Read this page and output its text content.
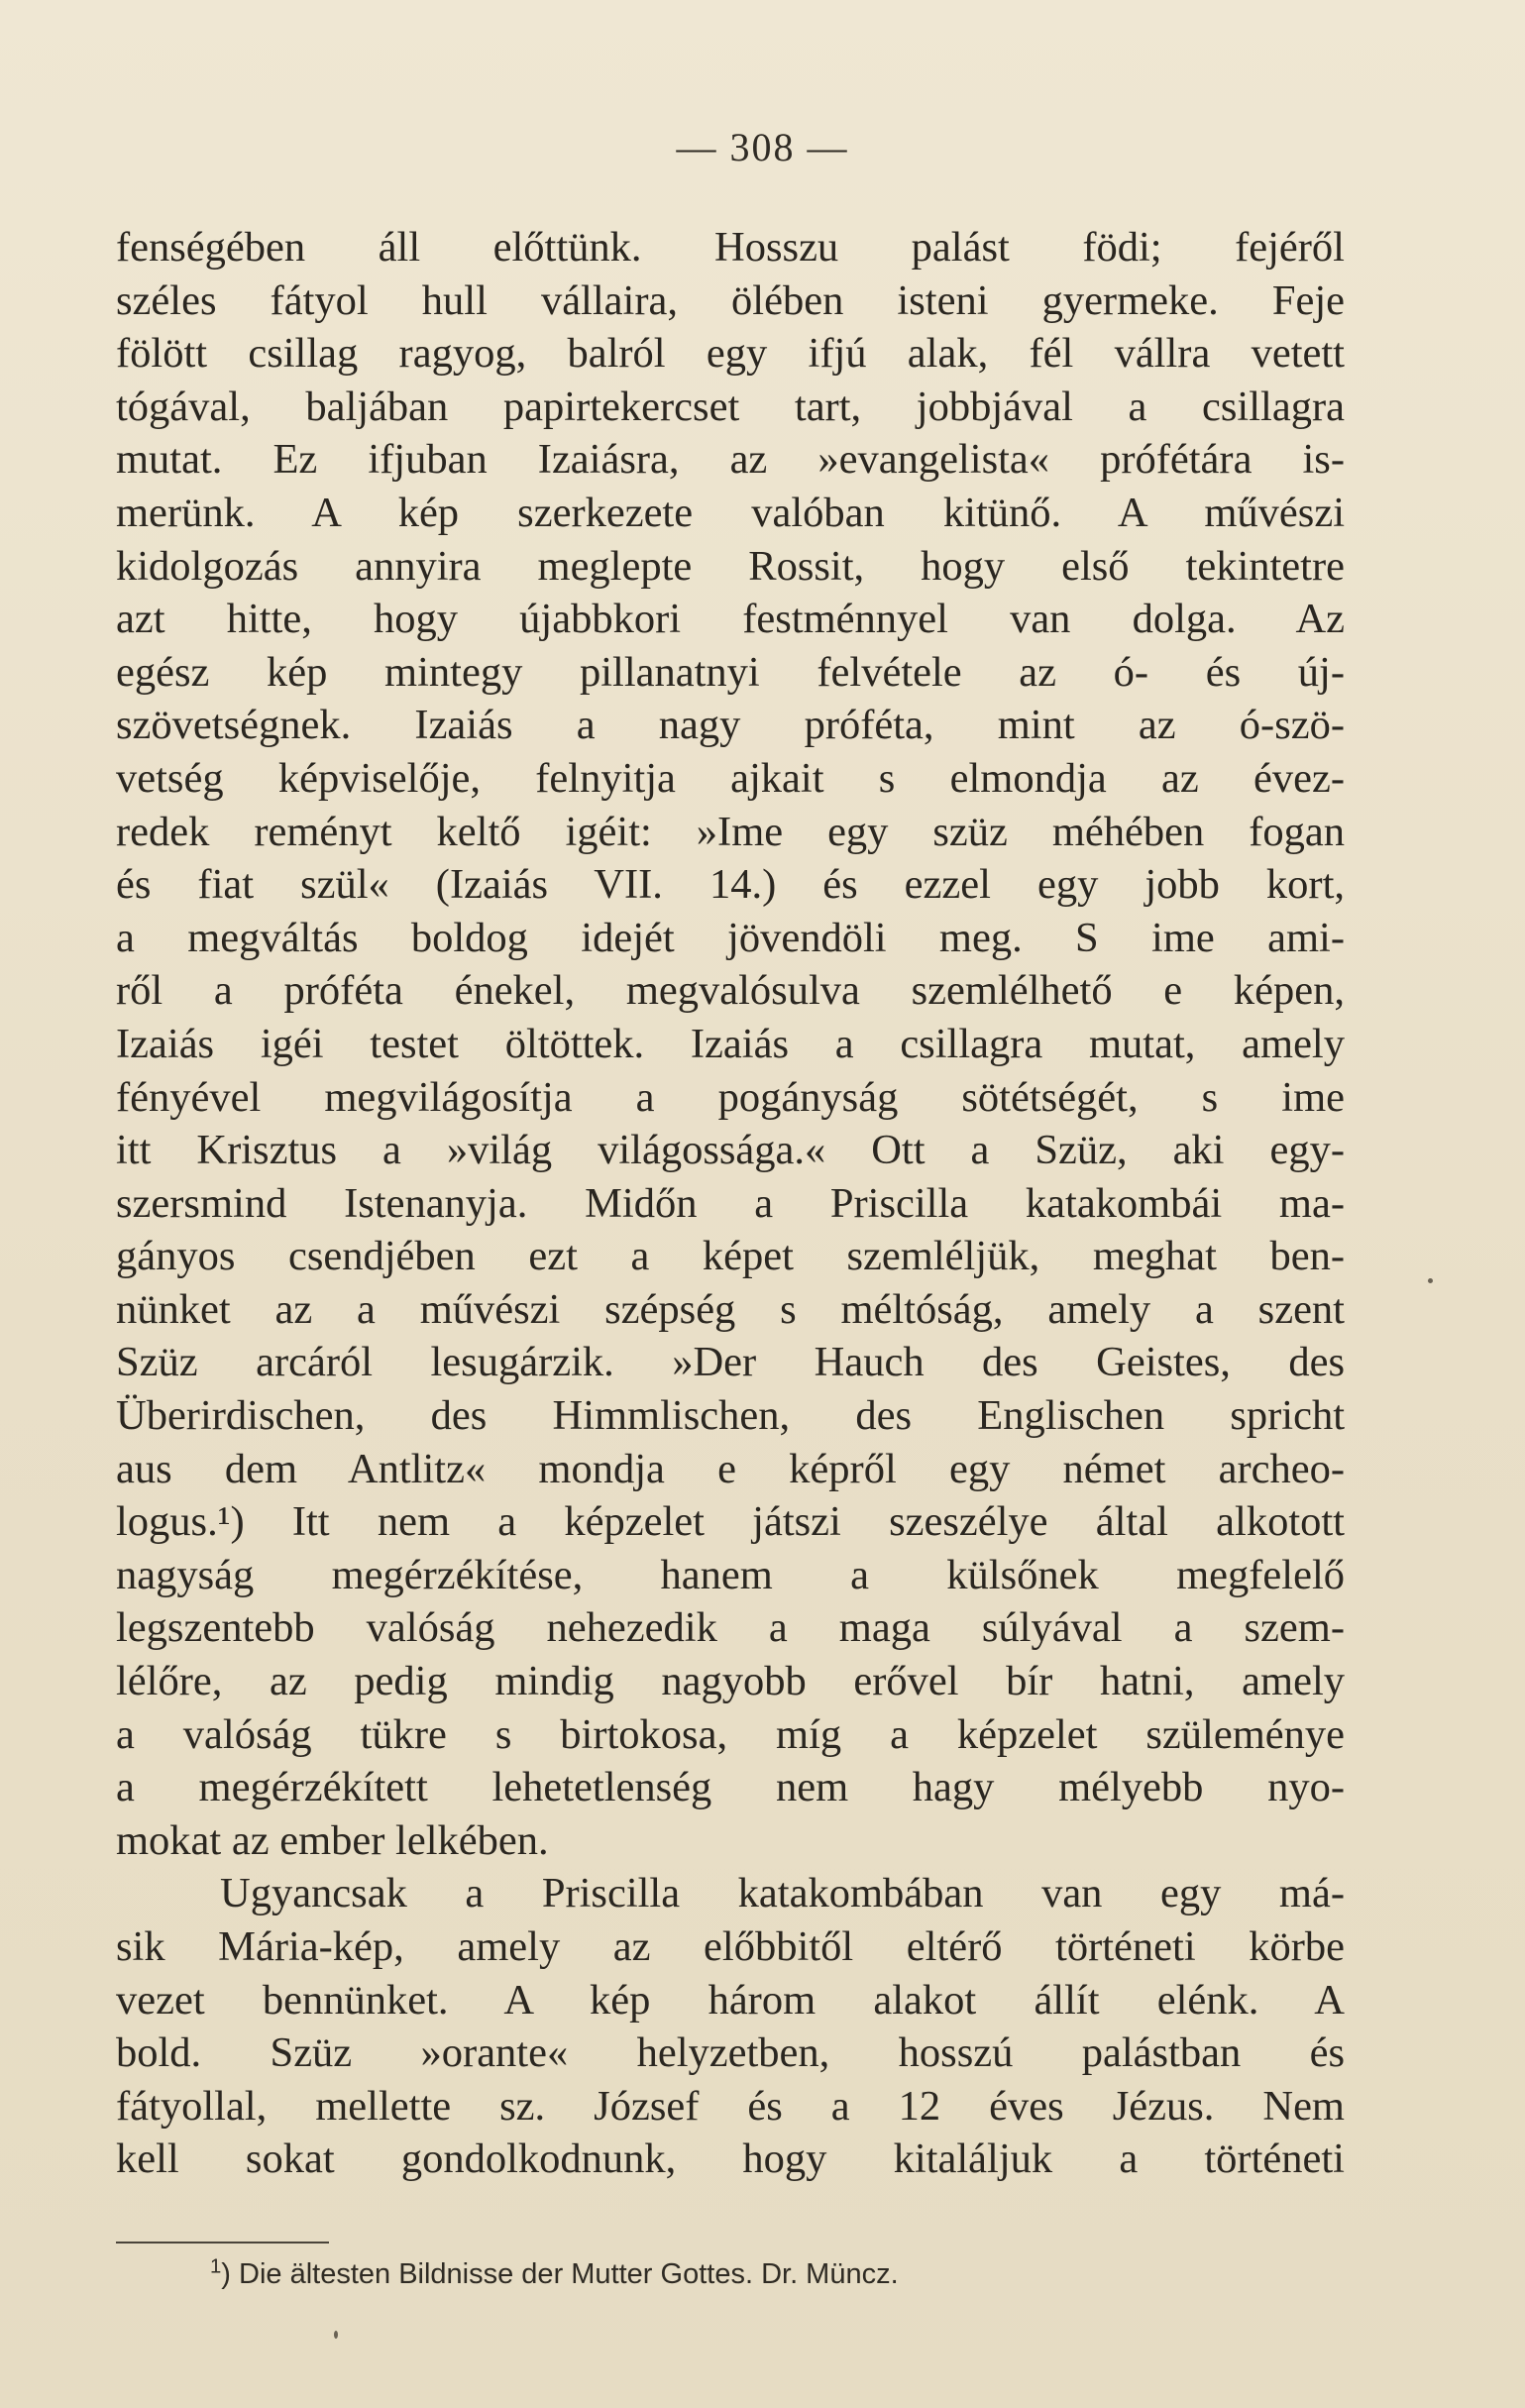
— 308 —
fenségében áll előttünk. Hosszu palást födi; fejéről
széles fátyol hull vállaira, ölében isteni gyermeke. Feje
fölött csillag ragyog, balról egy ifjú alak, fél vállra vetett
tógával, baljában papirtekercset tart, jobbjával a csillagra
mutat. Ez ifjuban Izaiásra, az »evangelista« prófétára is-
merünk. A kép szerkezete valóban kitünő. A művészi
kidolgozás annyira meglepte Rossit, hogy első tekintetre
azt hitte, hogy újabbkori festménnyel van dolga. Az
egész kép mintegy pillanatnyi felvétele az ó- és új-
szövetségnek. Izaiás a nagy próféta, mint az ó-szö-
vetség képviselője, felnyitja ajkait s elmondja az évez-
redek reményt keltő igéit: »Ime egy szüz méhében fogan
és fiat szül« (Izaiás VII. 14.) és ezzel egy jobb kort,
a megváltás boldog idejét jövendöli meg. S ime ami-
ről a próféta énekel, megvalósulva szemlélhető e képen,
Izaiás igéi testet öltöttek. Izaiás a csillagra mutat, amely
fényével megvilágosítja a pogányság sötétségét, s ime
itt Krisztus a »világ világossága.« Ott a Szüz, aki egy-
szersmind Istenanyja. Midőn a Priscilla katakombái ma-
gányos csendjében ezt a képet szemléljük, meghat ben-
nünket az a művészi szépség s méltóság, amely a szent
Szüz arcáról lesugárzik. »Der Hauch des Geistes, des
Überirdischen, des Himmlischen, des Englischen spricht
aus dem Antlitz« mondja e képről egy német archeo-
logus.¹) Itt nem a képzelet játszi szeszélye által alkotott
nagyság megérzékítése, hanem a külsőnek megfelelő
legszentebb valóság nehezedik a maga súlyával a szem-
lélőre, az pedig mindig nagyobb erővel bír hatni, amely
a valóság tükre s birtokosa, míg a képzelet szüleménye
a megérzékített lehetetlenség nem hagy mélyebb nyo-
mokat az ember lelkében.
Ugyancsak a Priscilla katakombában van egy má-
sik Mária-kép, amely az előbbitől eltérő történeti körbe
vezet bennünket. A kép három alakot állít elénk. A
bold. Szüz »orante« helyzetben, hosszú palástban és
fátyollal, mellette sz. József és a 12 éves Jézus. Nem
kell sokat gondolkodnunk, hogy kitaláljuk a történeti
$^1$) Die ältesten Bildnisse der Mutter Gottes. Dr. Müncz.
